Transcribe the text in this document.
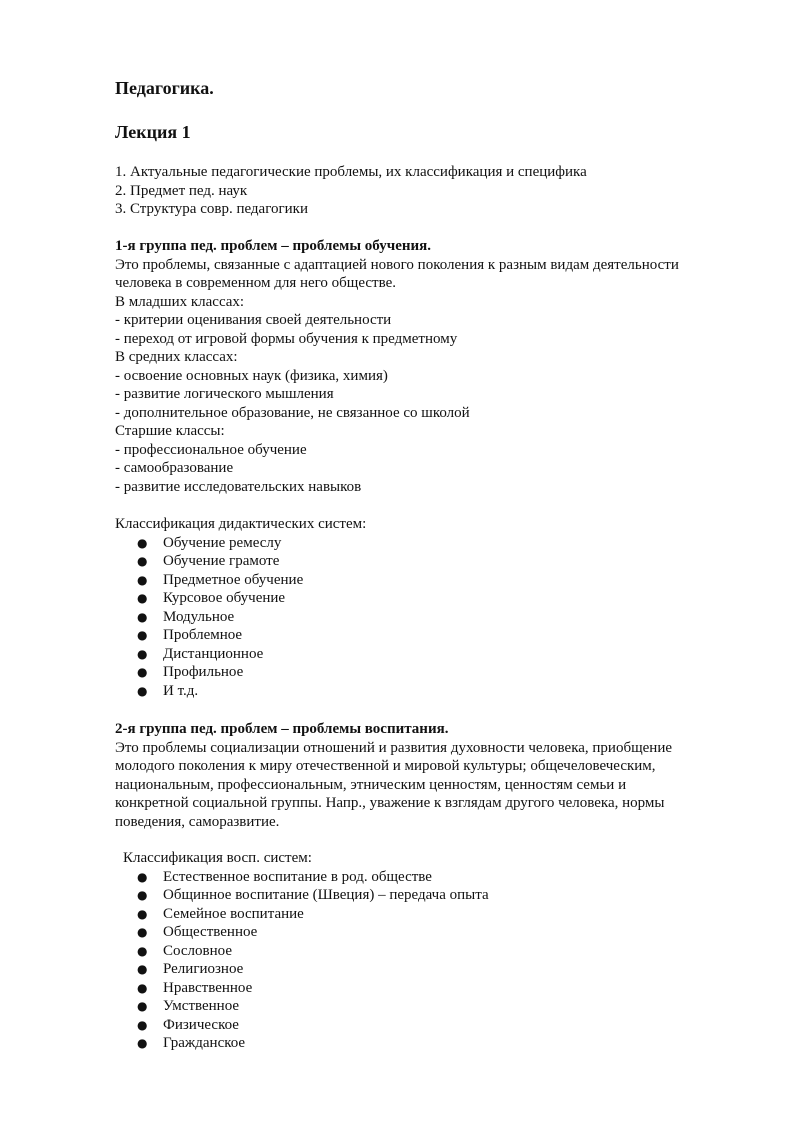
Педагогика.
Лекция 1
1. Актуальные педагогические проблемы, их классификация и специфика
2. Предмет пед. наук
3. Структура совр. педагогики
1-я группа пед. проблем – проблемы обучения.
Это проблемы, связанные с адаптацией нового поколения к разным видам деятельности
человека в современном для него обществе.
В младших классах:
- критерии оценивания своей деятельности
- переход от игровой формы обучения к предметному
В средних классах:
- освоение основных наук (физика, химия)
- развитие логического мышления
- дополнительное образование, не связанное со школой
Старшие классы:
- профессиональное обучение
- самообразование
- развитие исследовательских навыков
Классификация дидактических систем:
● Обучение ремеслу
● Обучение грамоте
● Предметное обучение
● Курсовое обучение
● Модульное
● Проблемное
● Дистанционное
● Профильное
● И т.д.
2-я группа пед. проблем – проблемы воспитания.
Это проблемы социализации отношений и развития духовности человека, приобщение
молодого поколения к миру отечественной и мировой культуры; общечеловеческим,
национальным, профессиональным, этническим ценностям, ценностям семьи и
конкретной социальной группы. Напр., уважение к взглядам другого человека, нормы
поведения, саморазвитие.
Классификация восп. систем:
● Естественное воспитание в род. обществе
● Общинное воспитание (Швеция) – передача опыта
● Семейное воспитание
● Общественное
● Сословное
● Религиозное
● Нравственное
● Умственное
● Физическое
● Гражданское
